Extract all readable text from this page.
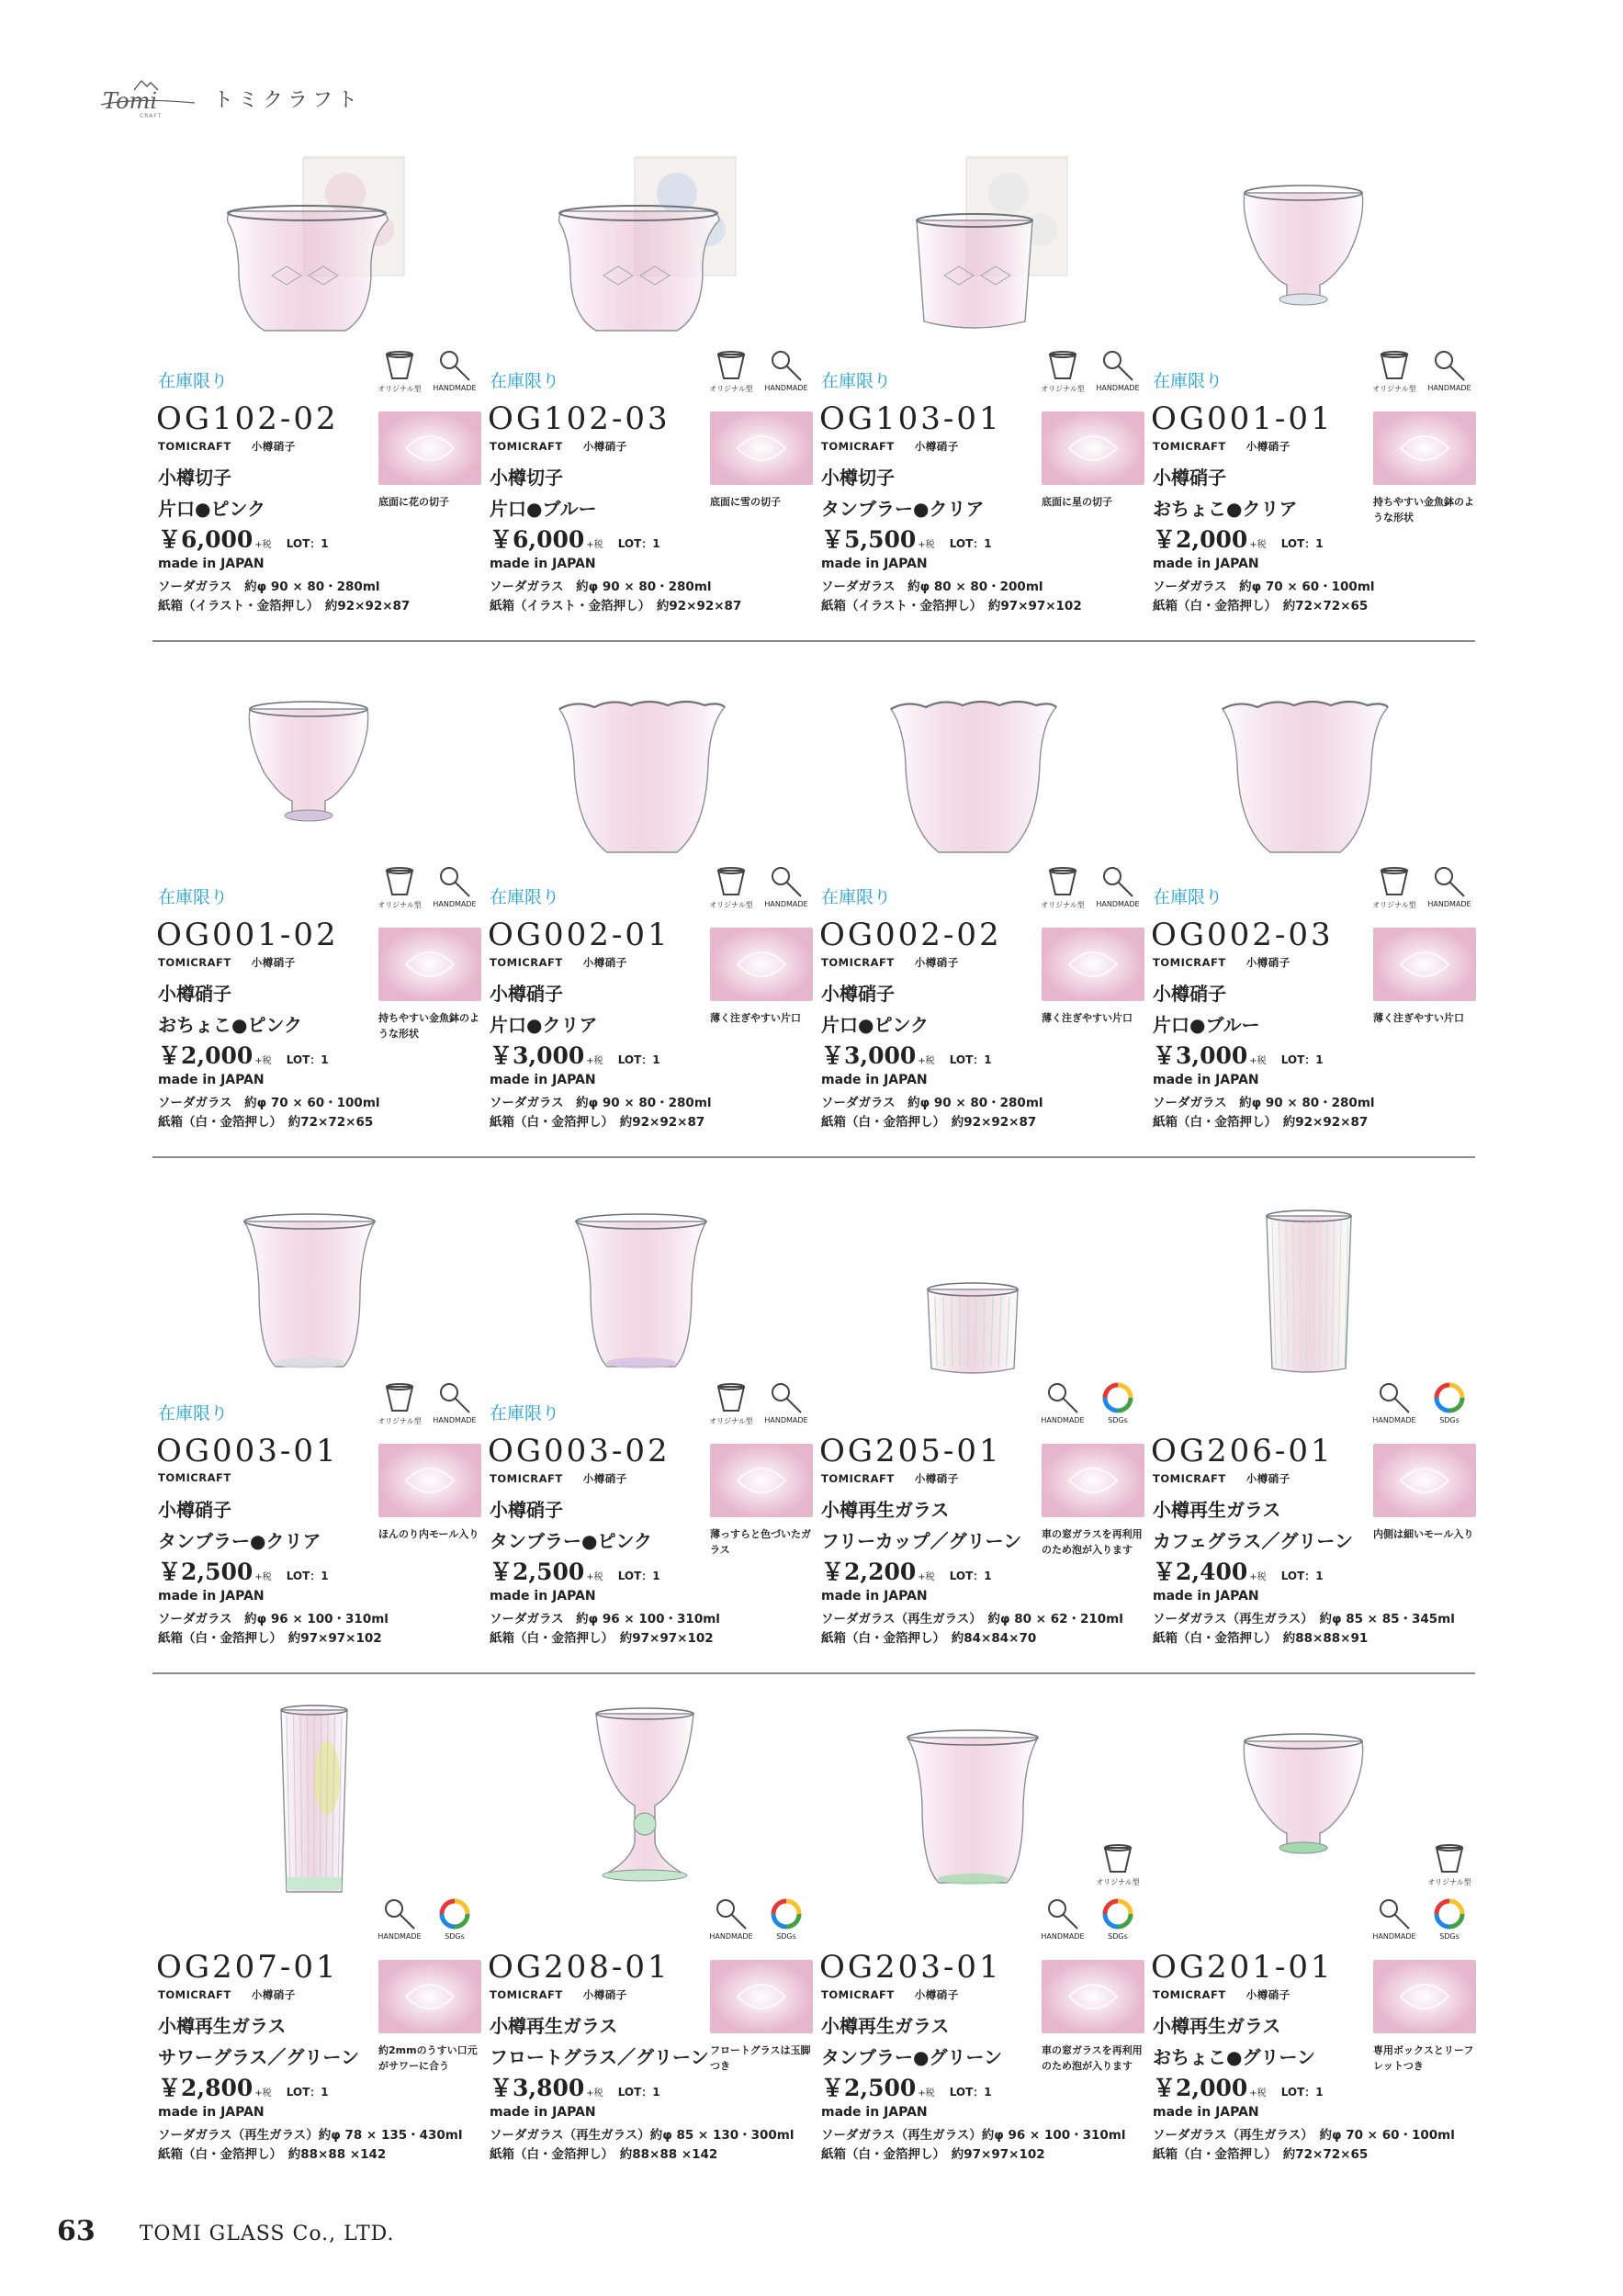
Tomi
CRAFT
トミクラフト
在庫限り
OG102-02
TOMICRAFT 小樽硝子
小樽切子
片口●ピンク
￥6,000 +税 LOT：1
made in JAPAN
ソーダガラス　約φ 90 × 80・280ml
紙箱（イラスト・金箔押し）　約92×92×87
オリジナル型	HANDMADE
底面に花の切子
在庫限り
OG102-03
TOMICRAFT 小樽硝子
小樽切子
片口●ブルー
￥6,000 +税 LOT：1
made in JAPAN
ソーダガラス　約φ 90 × 80・280ml
紙箱（イラスト・金箔押し）　約92×92×87
オリジナル型	HANDMADE
底面に雪の切子
在庫限り
OG103-01
TOMICRAFT 小樽硝子
小樽切子
タンブラー●クリア
￥5,500 +税 LOT：1
made in JAPAN
ソーダガラス　約φ 80 × 80・200ml
紙箱（イラスト・金箔押し）　約97×97×102
オリジナル型	HANDMADE
底面に星の切子
在庫限り
OG001-01
TOMICRAFT 小樽硝子
小樽硝子
おちょこ●クリア
￥2,000 +税 LOT：1
made in JAPAN
ソーダガラス　約φ 70 × 60・100ml
紙箱（白・金箔押し）　約72×72×65
オリジナル型	HANDMADE
持ちやすい金魚鉢のような形状
在庫限り
OG001-02
TOMICRAFT 小樽硝子
小樽硝子
おちょこ●ピンク
￥2,000 +税 LOT：1
made in JAPAN
ソーダガラス　約φ 70 × 60・100ml
紙箱（白・金箔押し）　約72×72×65
オリジナル型	HANDMADE
持ちやすい金魚鉢のような形状
在庫限り
OG002-01
TOMICRAFT 小樽硝子
小樽硝子
片口●クリア
￥3,000 +税 LOT：1
made in JAPAN
ソーダガラス　約φ 90 × 80・280ml
紙箱（白・金箔押し）　約92×92×87
オリジナル型	HANDMADE
薄く注ぎやすい片口
在庫限り
OG002-02
TOMICRAFT 小樽硝子
小樽硝子
片口●ピンク
￥3,000 +税 LOT：1
made in JAPAN
ソーダガラス　約φ 90 × 80・280ml
紙箱（白・金箔押し）　約92×92×87
オリジナル型	HANDMADE
薄く注ぎやすい片口
在庫限り
OG002-03
TOMICRAFT 小樽硝子
小樽硝子
片口●ブルー
￥3,000 +税 LOT：1
made in JAPAN
ソーダガラス　約φ 90 × 80・280ml
紙箱（白・金箔押し）　約92×92×87
オリジナル型	HANDMADE
薄く注ぎやすい片口
在庫限り
OG003-01
TOMICRAFT
小樽硝子
タンブラー●クリア
￥2,500 +税 LOT：1
made in JAPAN
ソーダガラス　約φ 96 × 100・310ml
紙箱（白・金箔押し）　約97×97×102
オリジナル型	HANDMADE
ほんのり内モール入り
在庫限り
OG003-02
TOMICRAFT 小樽硝子
小樽硝子
タンブラー●ピンク
￥2,500 +税 LOT：1
made in JAPAN
ソーダガラス　約φ 96 × 100・310ml
紙箱（白・金箔押し）　約97×97×102
オリジナル型	HANDMADE
薄っすらと色づいたガラス
OG205-01
TOMICRAFT 小樽硝子
小樽再生ガラス
フリーカップ／グリーン
￥2,200 +税 LOT：1
made in JAPAN
ソーダガラス（再生ガラス）　約φ 80 × 62・210ml
紙箱（白・金箔押し）　約84×84×70
HANDMADE	SDGs
車の窓ガラスを再利用のため泡が入ります
OG206-01
TOMICRAFT 小樽硝子
小樽再生ガラス
カフェグラス／グリーン
￥2,400 +税 LOT：1
made in JAPAN
ソーダガラス（再生ガラス）　約φ 85 × 85・345ml
紙箱（白・金箔押し）　約88×88×91
HANDMADE	SDGs
内側は細いモール入り
OG207-01
TOMICRAFT 小樽硝子
小樽再生ガラス
サワーグラス／グリーン
￥2,800 +税 LOT：1
made in JAPAN
ソーダガラス（再生ガラス）約φ 78 × 135・430ml
紙箱（白・金箔押し）　約88×88 ×142
HANDMADE	SDGs
約2mmのうすい口元がサワーに合う
OG208-01
TOMICRAFT 小樽硝子
小樽再生ガラス
フロートグラス／グリーン
￥3,800 +税 LOT：1
made in JAPAN
ソーダガラス（再生ガラス）約φ 85 × 130・300ml
紙箱（白・金箔押し）　約88×88 ×142
HANDMADE	SDGs
フロートグラスは玉脚つき
OG203-01
TOMICRAFT 小樽硝子
小樽再生ガラス
タンブラー●グリーン
￥2,500 +税 LOT：1
made in JAPAN
ソーダガラス（再生ガラス）約φ 96 × 100・310ml
紙箱（白・金箔押し）　約97×97×102
オリジナル型
HANDMADE	SDGs
車の窓ガラスを再利用のため泡が入ります
OG201-01
TOMICRAFT 小樽硝子
小樽再生ガラス
おちょこ●グリーン
￥2,000 +税 LOT：1
made in JAPAN
ソーダガラス（再生ガラス）　約φ 70 × 60・100ml
紙箱（白・金箔押し）　約72×72×65
オリジナル型
HANDMADE	SDGs
専用ボックスとリーフレットつき
63 TOMI GLASS Co., LTD.
